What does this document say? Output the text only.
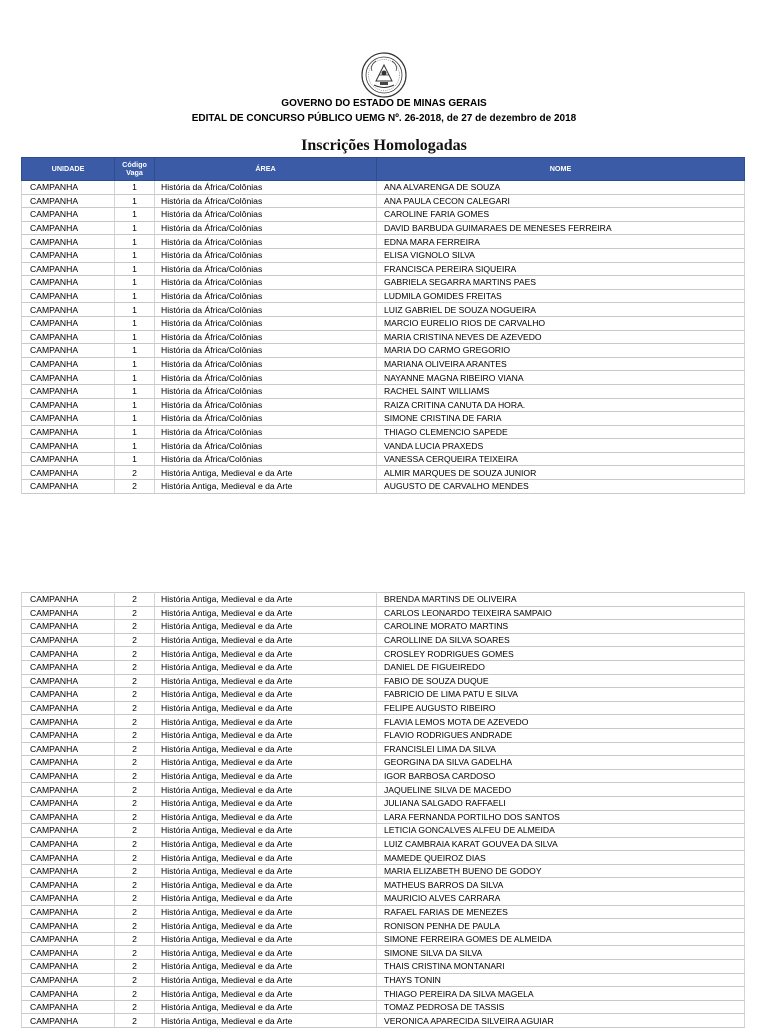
GOVERNO DO ESTADO DE MINAS GERAIS
EDITAL DE CONCURSO PÚBLICO UEMG Nº. 26-2018, de 27 de dezembro de 2018
Inscrições Homologadas
UNIDADE	Código Vaga	ÁREA	NOME
CAMPANHA	1	História da África/Colônias	ANA ALVARENGA DE SOUZA
CAMPANHA	1	História da África/Colônias	ANA PAULA CECON CALEGARI
CAMPANHA	1	História da África/Colônias	CAROLINE FARIA GOMES
CAMPANHA	1	História da África/Colônias	DAVID BARBUDA GUIMARAES DE MENESES FERREIRA
CAMPANHA	1	História da África/Colônias	EDNA MARA FERREIRA
CAMPANHA	1	História da África/Colônias	ELISA VIGNOLO SILVA
CAMPANHA	1	História da África/Colônias	FRANCISCA PEREIRA SIQUEIRA
CAMPANHA	1	História da África/Colônias	GABRIELA SEGARRA MARTINS PAES
CAMPANHA	1	História da África/Colônias	LUDMILA GOMIDES FREITAS
CAMPANHA	1	História da África/Colônias	LUIZ GABRIEL DE SOUZA NOGUEIRA
CAMPANHA	1	História da África/Colônias	MARCIO EURELIO RIOS DE CARVALHO
CAMPANHA	1	História da África/Colônias	MARIA CRISTINA NEVES DE AZEVEDO
CAMPANHA	1	História da África/Colônias	MARIA DO CARMO GREGORIO
CAMPANHA	1	História da África/Colônias	MARIANA OLIVEIRA ARANTES
CAMPANHA	1	História da África/Colônias	NAYANNE MAGNA RIBEIRO VIANA
CAMPANHA	1	História da África/Colônias	RACHEL SAINT WILLIAMS
CAMPANHA	1	História da África/Colônias	RAIZA CRITINA CANUTA DA HORA.
CAMPANHA	1	História da África/Colônias	SIMONE CRISTINA DE FARIA
CAMPANHA	1	História da África/Colônias	THIAGO CLEMENCIO SAPEDE
CAMPANHA	1	História da África/Colônias	VANDA LUCIA PRAXEDS
CAMPANHA	1	História da África/Colônias	VANESSA CERQUEIRA TEIXEIRA
CAMPANHA	2	História Antiga, Medieval e da Arte	ALMIR MARQUES DE SOUZA JUNIOR
CAMPANHA	2	História Antiga, Medieval e da Arte	AUGUSTO DE CARVALHO MENDES
CAMPANHA	2	História Antiga, Medieval e da Arte	BRENDA MARTINS DE OLIVEIRA
CAMPANHA	2	História Antiga, Medieval e da Arte	CARLOS LEONARDO TEIXEIRA SAMPAIO
CAMPANHA	2	História Antiga, Medieval e da Arte	CAROLINE MORATO MARTINS
CAMPANHA	2	História Antiga, Medieval e da Arte	CAROLLINE DA SILVA SOARES
CAMPANHA	2	História Antiga, Medieval e da Arte	CROSLEY RODRIGUES GOMES
CAMPANHA	2	História Antiga, Medieval e da Arte	DANIEL DE FIGUEIREDO
CAMPANHA	2	História Antiga, Medieval e da Arte	FABIO DE SOUZA DUQUE
CAMPANHA	2	História Antiga, Medieval e da Arte	FABRICIO DE LIMA PATU E SILVA
CAMPANHA	2	História Antiga, Medieval e da Arte	FELIPE AUGUSTO RIBEIRO
CAMPANHA	2	História Antiga, Medieval e da Arte	FLAVIA LEMOS MOTA DE AZEVEDO
CAMPANHA	2	História Antiga, Medieval e da Arte	FLAVIO RODRIGUES ANDRADE
CAMPANHA	2	História Antiga, Medieval e da Arte	FRANCISLEI LIMA DA SILVA
CAMPANHA	2	História Antiga, Medieval e da Arte	GEORGINA DA SILVA GADELHA
CAMPANHA	2	História Antiga, Medieval e da Arte	IGOR BARBOSA CARDOSO
CAMPANHA	2	História Antiga, Medieval e da Arte	JAQUELINE SILVA DE MACEDO
CAMPANHA	2	História Antiga, Medieval e da Arte	JULIANA SALGADO RAFFAELI
CAMPANHA	2	História Antiga, Medieval e da Arte	LARA FERNANDA PORTILHO DOS SANTOS
CAMPANHA	2	História Antiga, Medieval e da Arte	LETICIA GONCALVES ALFEU DE ALMEIDA
CAMPANHA	2	História Antiga, Medieval e da Arte	LUIZ CAMBRAIA KARAT GOUVEA DA SILVA
CAMPANHA	2	História Antiga, Medieval e da Arte	MAMEDE QUEIROZ DIAS
CAMPANHA	2	História Antiga, Medieval e da Arte	MARIA ELIZABETH BUENO DE GODOY
CAMPANHA	2	História Antiga, Medieval e da Arte	MATHEUS BARROS DA SILVA
CAMPANHA	2	História Antiga, Medieval e da Arte	MAURICIO ALVES CARRARA
CAMPANHA	2	História Antiga, Medieval e da Arte	RAFAEL FARIAS DE MENEZES
CAMPANHA	2	História Antiga, Medieval e da Arte	RONISON PENHA DE PAULA
CAMPANHA	2	História Antiga, Medieval e da Arte	SIMONE FERREIRA GOMES DE ALMEIDA
CAMPANHA	2	História Antiga, Medieval e da Arte	SIMONE SILVA DA SILVA
CAMPANHA	2	História Antiga, Medieval e da Arte	THAIS CRISTINA MONTANARI
CAMPANHA	2	História Antiga, Medieval e da Arte	THAYS TONIN
CAMPANHA	2	História Antiga, Medieval e da Arte	THIAGO PEREIRA DA SILVA MAGELA
CAMPANHA	2	História Antiga, Medieval e da Arte	TOMAZ PEDROSA DE TASSIS
CAMPANHA	2	História Antiga, Medieval e da Arte	VERONICA APARECIDA SILVEIRA AGUIAR
